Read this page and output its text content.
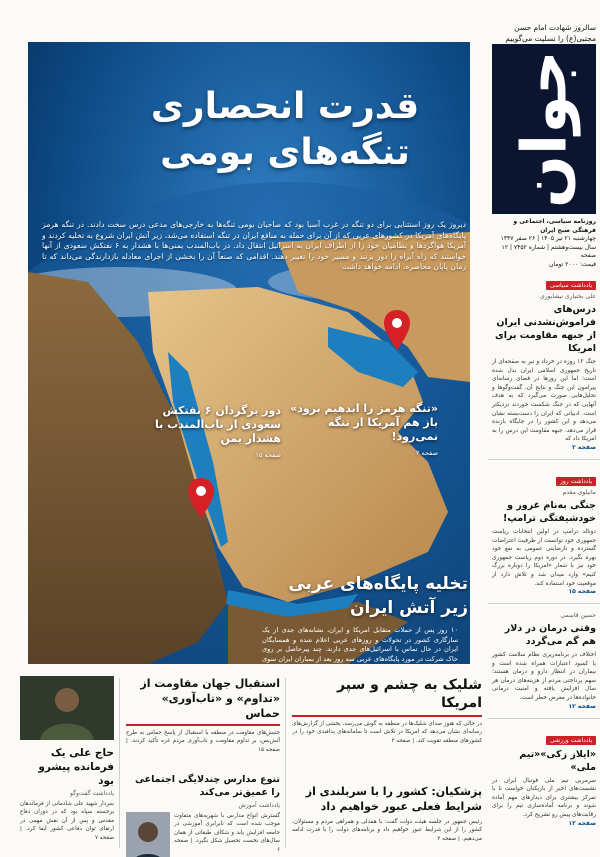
سالروز شهادت امام حسن مجتبی(ع) را تسلیت می‌گوییم
جوان
روزنامه سیاسی، اجتماعی و فرهنگی صبح ایران
چهارشنبه ۲۱ تیر ۱۴۰۵ | ۲۶ صفر ۱۴۴۷
سال بیست‌وهشتم | شماره ۷۴۵۲ | ۱۲ صفحه
قیمت: ۲۰۰۰ تومان
قدرت انحصاری
تنگه‌های بومی
دیروز یک روز استثنایی برای دو تنگه در غرب آسیا بود که صاحبان بومی تنگه‌ها به خارجی‌های مدعی درس سخت دادند. در تنگه هرمز پایگاه‌های آمریکا در کشورهای عربی که از آن برای حمله به منافع ایران در تنگه استفاده می‌شد، زیر آتش ایران شروع به تخلیه کردند و آمریکا هواگردها و نظامیان خود را از اطراف ایران به اسرائیل انتقال داد. در باب‌المندب یمنی‌ها با هشدار به ۶ نفتکش سعودی از آنها خواستند که راه آبراه را دور بزنند و مسیر خود را تغییر دهند. اقدامی که صنعاً آن را بخشی از اجرای معادله بازدارندگی می‌داند که تا زمان پایان محاصره، ادامه خواهد داشت
دور برگردان ۶ نفتکش سعودی از باب‌المندب با هشدار یمن
صفحه ۱۵
«تنگه هرمز را ابدهیم برود» باز هم آمریکا از تنگه نمی‌رود!
صفحه ۲
تخلیه پایگاه‌های عربی
زیر آتش ایران
۱۰ روز پس از حملات متقابل امریکا و ایران، نشانه‌های جدی از یک سازگاری کشور در تحولات و روزهای عربی اعلام شده و همسایگان ایران در حال تماس با اسرائیل‌های جدی دارند. چند پیرحاصل بر روی خاک شرکت در مورد پایگاه‌های عربی سه روز بعد از بمباران ایران سوی
یادداشت سیاسی
علی بختیاری نیشابوری
درس‌های فراموش‌نشدنی ایران از جبهه مقاومت برای امریکا
جنگ ۱۲ روزه در خرداد و تیر به صفحه‌ای از تاریخ جمهوری اسلامی ایران بدل شده است؛ اما این روزها در فضای رسانه‌ای پیرامون این جنگ و نتایج آن، گفت‌وگوها و تحلیل‌هایی صورت می‌گیرد که به هدف آنهایی که در جنگ شکست خوردند نزدیکتر است. ادبیاتی که ایران را دست‌بسته نشان می‌دهد و این کشور را در جایگاه بازنده قرار می‌دهد. جبهه مقاومت این درس را به امریکا داد که
صفحه ۲
یادداشت روز
مانیلوی مقدم
جنگی به‌نام غرور و خودشیفتگی ترامپ!
دونالد ترامپ در اولین انتخابات ریاست جمهوری خود توانست از ظرفیت اعتراضات گسترده و نارضایتی عمومی به نفع خود بهره بگیرد. در دوره دوم ریاست جمهوری خود نیز با شعار «امریکا را دوباره بزرگ کنیم» وارد میدان شد و تلاش دارد از موقعیت خود استفاده کند.
صفحه ۱۵
حسین قاسمی
وقتی درمان در دلار هم گم می‌گردد
اختلاف در برنامه‌ریزی نظام سلامت کشور با کمبود اعتبارات همراه شده است و بیماران در انتظار دارو و درمان هستند؛ سهم پرداختی مردم از هزینه‌های درمان هر سال افزایش یافته و امنیت درمانی خانواده‌ها در معرض خطر است.
صفحه ۱۲
یادداشت ورزشی
«ایلاز زکی»«تیم ملی»
سرمربی تیم ملی فوتبال ایران در نشست‌های اخیر از بازیکنان خواست تا با تمرکز بیشتری برای دیدارهای مهم آماده شوند و برنامه آماده‌سازی تیم را برای رقابت‌های پیش رو تشریح کرد.
صفحه ۱۲
شلیک به چشم و سپر امریکا
در حالی که هنوز صدای شلیک‌ها در منطقه به گوش می‌رسد، بخشی از گزارش‌های رسانه‌ای نشان می‌دهد که امریکا در تلاش است تا سامانه‌های پدافندی خود را در کشورهای منطقه تقویت کند. | صفحه ۳
پزشکیان: کشور را با سربلندی از شرایط فعلی عبور خواهیم داد
رئیس جمهور در جلسه هیئت دولت گفت: با همدلی و همراهی مردم و مسئولان، کشور را از این شرایط عبور خواهیم داد و برنامه‌های دولت را با قدرت ادامه می‌دهیم. | صفحه ۲
استقبال جهان مقاومت از «تداوم» و «تاب‌آوری» حماس
جنبش‌های مقاومت در منطقه با استقبال از پاسخ حماس به طرح آتش‌بس، بر تداوم مقاومت و تاب‌آوری مردم غزه تأکید کردند. | صفحه ۱۵
تنوع مدارس چندلایگی اجتماعی را عمیق‌تر می‌کند
یادداشت آموزش
گسترش انواع مدارس با شهریه‌های متفاوت موجب شده است که نابرابری آموزشی در جامعه افزایش یابد و شکاف طبقاتی از همان سال‌های نخست تحصیل شکل بگیرد. | صفحه ۶
حاج علی یک فرمانده پیشرو بود
یادداشت گفت‌وگو
سردار شهید علی شادمانی از فرماندهان برجسته سپاه بود که در دوران دفاع مقدس و پس از آن نقش مهمی در ارتقای توان دفاعی کشور ایفا کرد. | صفحه ۷
